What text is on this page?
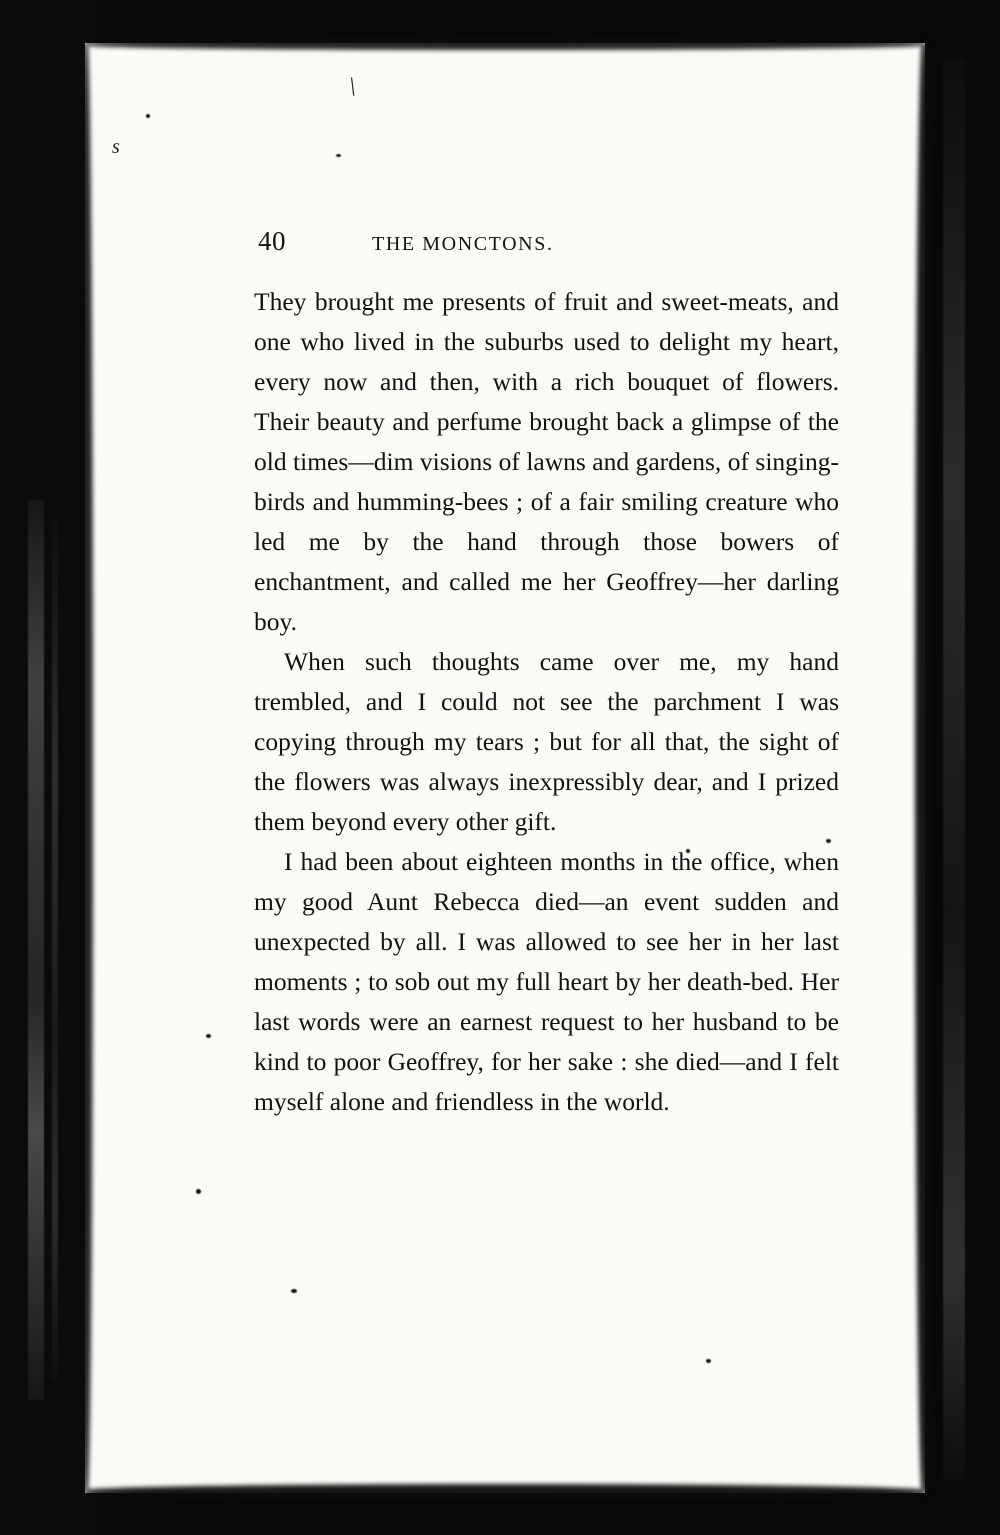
\
s
40	THE MONCTONS.

They brought me presents of fruit and sweet-meats, and one who lived in the suburbs used to delight my heart, every now and then, with a rich bouquet of flowers. Their beauty and perfume brought back a glimpse of the old times—dim visions of lawns and gardens, of singing-birds and humming-bees ; of a fair smiling creature who led me by the hand through those bowers of enchantment, and called me her Geoffrey—her darling boy.

When such thoughts came over me, my hand trembled, and I could not see the parchment I was copying through my tears ; but for all that, the sight of the flowers was always inexpressibly dear, and I prized them beyond every other gift.

I had been about eighteen months in the office, when my good Aunt Rebecca died—an event sudden and unexpected by all. I was allowed to see her in her last moments ; to sob out my full heart by her death-bed. Her last words were an earnest request to her husband to be kind to poor Geoffrey, for her sake : she died—and I felt myself alone and friendless in the world.
